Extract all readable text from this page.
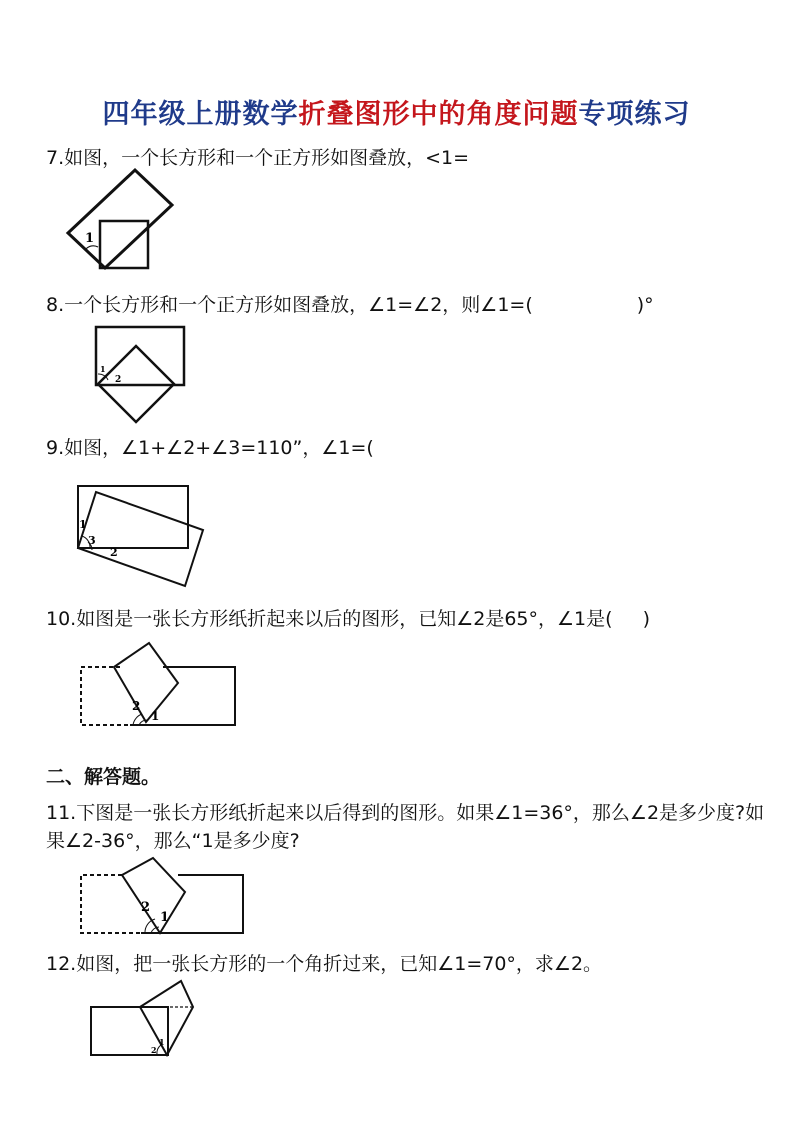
四年级上册数学折叠图形中的角度问题专项练习
7.如图，一个长方形和一个正方形如图叠放，<1=
1
8.一个长方形和一个正方形如图叠放，∠1=∠2，则∠1=(	)°
1
2
9.如图，∠1+∠2+∠3=110”，∠1=(
1
3
2
10.如图是一张长方形纸折起来以后的图形，已知∠2是65°，∠1是( )
2
1
二、解答题。
11.下图是一张长方形纸折起来以后得到的图形。如果∠1=36°，那么∠2是多少度?如果∠2-36°，那么“1是多少度?
2
1
12.如图，把一张长方形的一个角折过来，已知∠1=70°，求∠2。
2
1
